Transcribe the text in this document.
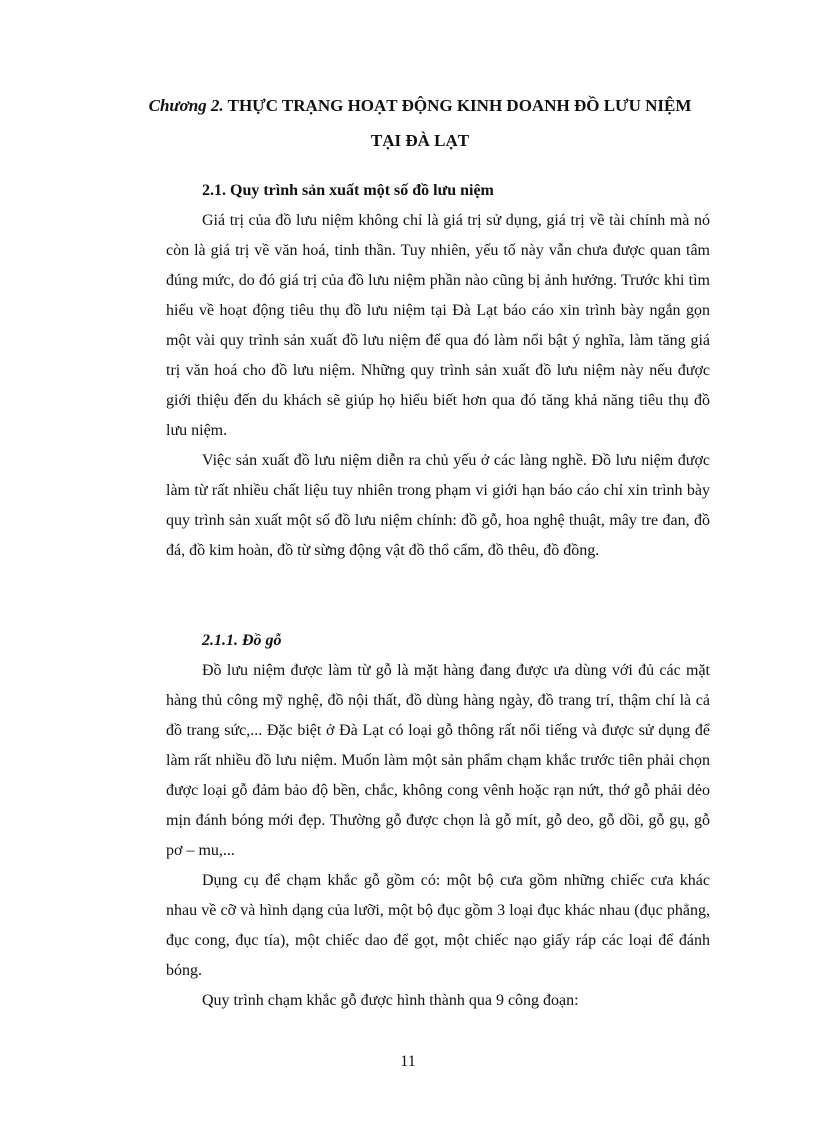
Chương 2. THỰC TRẠNG HOẠT ĐỘNG KINH DOANH ĐỒ LƯU NIỆM
TẠI ĐÀ LẠT
2.1. Quy trình sản xuất một số đồ lưu niệm

Giá trị của đồ lưu niệm không chỉ là giá trị sử dụng, giá trị về tài chính mà nó còn là giá trị về văn hoá, tinh thần. Tuy nhiên, yếu tố này vẫn chưa được quan tâm đúng mức, do đó giá trị của đồ lưu niệm phần nào cũng bị ảnh hưởng. Trước khi tìm hiểu về hoạt động tiêu thụ đồ lưu niệm tại Đà Lạt báo cáo xin trình bày ngắn gọn một vài quy trình sản xuất đồ lưu niệm để qua đó làm nổi bật ý nghĩa, làm tăng giá trị văn hoá cho đồ lưu niệm. Những quy trình sản xuất đồ lưu niệm này nếu được giới thiệu đến du khách sẽ giúp họ hiểu biết hơn qua đó tăng khả năng tiêu thụ đồ lưu niệm.

Việc sản xuất đồ lưu niệm diễn ra chủ yếu ở các làng nghề. Đồ lưu niệm được làm từ rất nhiều chất liệu tuy nhiên trong phạm vi giới hạn báo cáo chỉ xin trình bày quy trình sản xuất một số đồ lưu niệm chính: đồ gỗ, hoa nghệ thuật, mây tre đan, đồ đá, đồ kim hoàn, đồ từ sừng động vật đồ thổ cẩm, đồ thêu, đồ đồng.

2.1.1. Đồ gỗ

Đồ lưu niệm được làm từ gỗ là mặt hàng đang được ưa dùng với đủ các mặt hàng thủ công mỹ nghệ, đồ nội thất, đồ dùng hàng ngày, đồ trang trí, thậm chí là cả đồ trang sức,... Đặc biệt ở Đà Lạt có loại gỗ thông rất nổi tiếng và được sử dụng để làm rất nhiều đồ lưu niệm. Muốn làm một sản phẩm chạm khắc trước tiên phải chọn được loại gỗ đảm bảo độ bền, chắc, không cong vênh hoặc rạn nứt, thớ gỗ phải dẻo mịn đánh bóng mới đẹp. Thường gỗ được chọn là gỗ mít, gỗ deo, gỗ dồi, gỗ gụ, gỗ pơ – mu,...

Dụng cụ để chạm khắc gỗ gồm có: một bộ cưa gồm những chiếc cưa khác nhau về cỡ và hình dạng của lưỡi, một bộ đục gồm 3 loại đục khác nhau (đục phẳng, đục cong, đục tía), một chiếc dao để gọt, một chiếc nạo giấy ráp các loại để đánh bóng.

Quy trình chạm khắc gỗ được hình thành qua 9 công đoạn:

11
